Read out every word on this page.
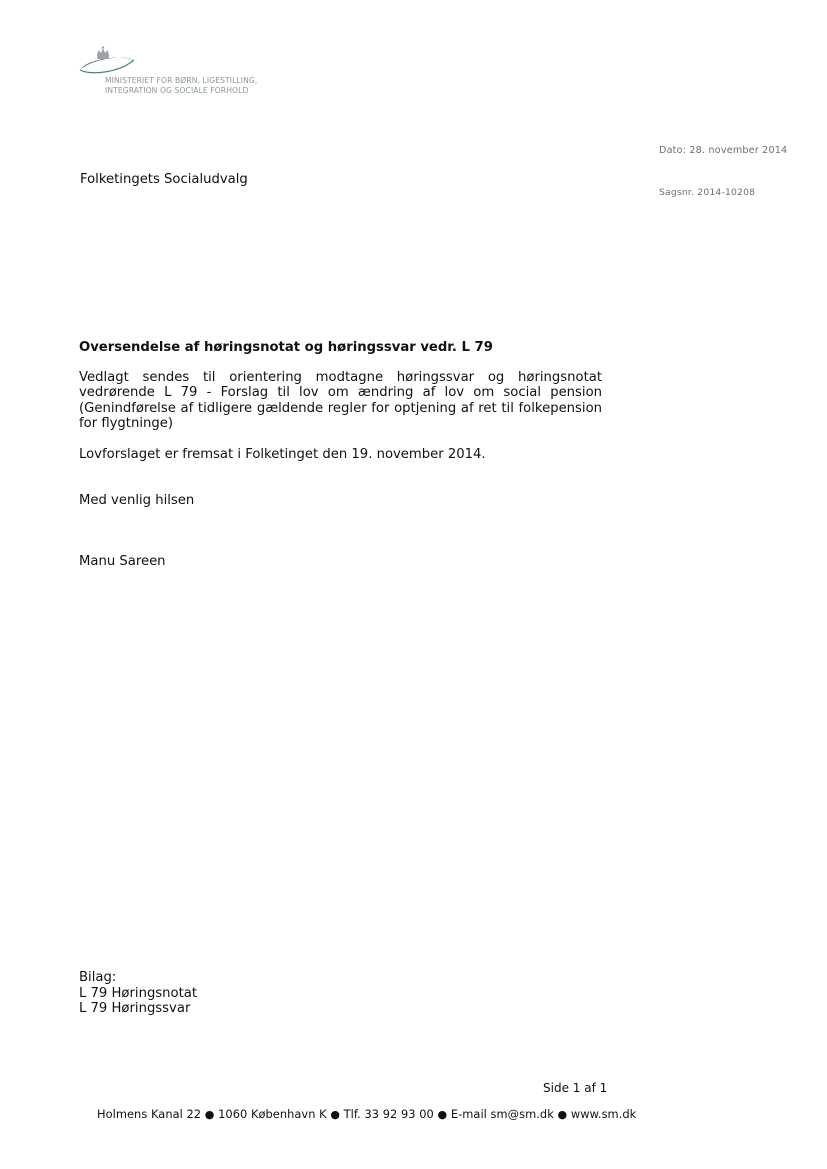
MINISTERIET FOR BØRN, LIGESTILLING,
INTEGRATION OG SOCIALE FORHOLD
Dato: 28. november 2014
Folketingets Socialudvalg
Sagsnr. 2014-10208
Oversendelse af høringsnotat og høringssvar vedr. L 79
Vedlagt sendes til orientering modtagne høringssvar og høringsnotat vedrørende L 79 - Forslag til lov om ændring af lov om social pension (Genindførelse af tidligere gældende regler for optjening af ret til folkepension for flygtninge)
Lovforslaget er fremsat i Folketinget den 19. november 2014.
Med venlig hilsen
Manu Sareen
Bilag:
L 79 Høringsnotat
L 79 Høringssvar
Side 1 af 1
Holmens Kanal 22 ● 1060 København K ● Tlf. 33 92 93 00 ● E-mail sm@sm.dk ● www.sm.dk
